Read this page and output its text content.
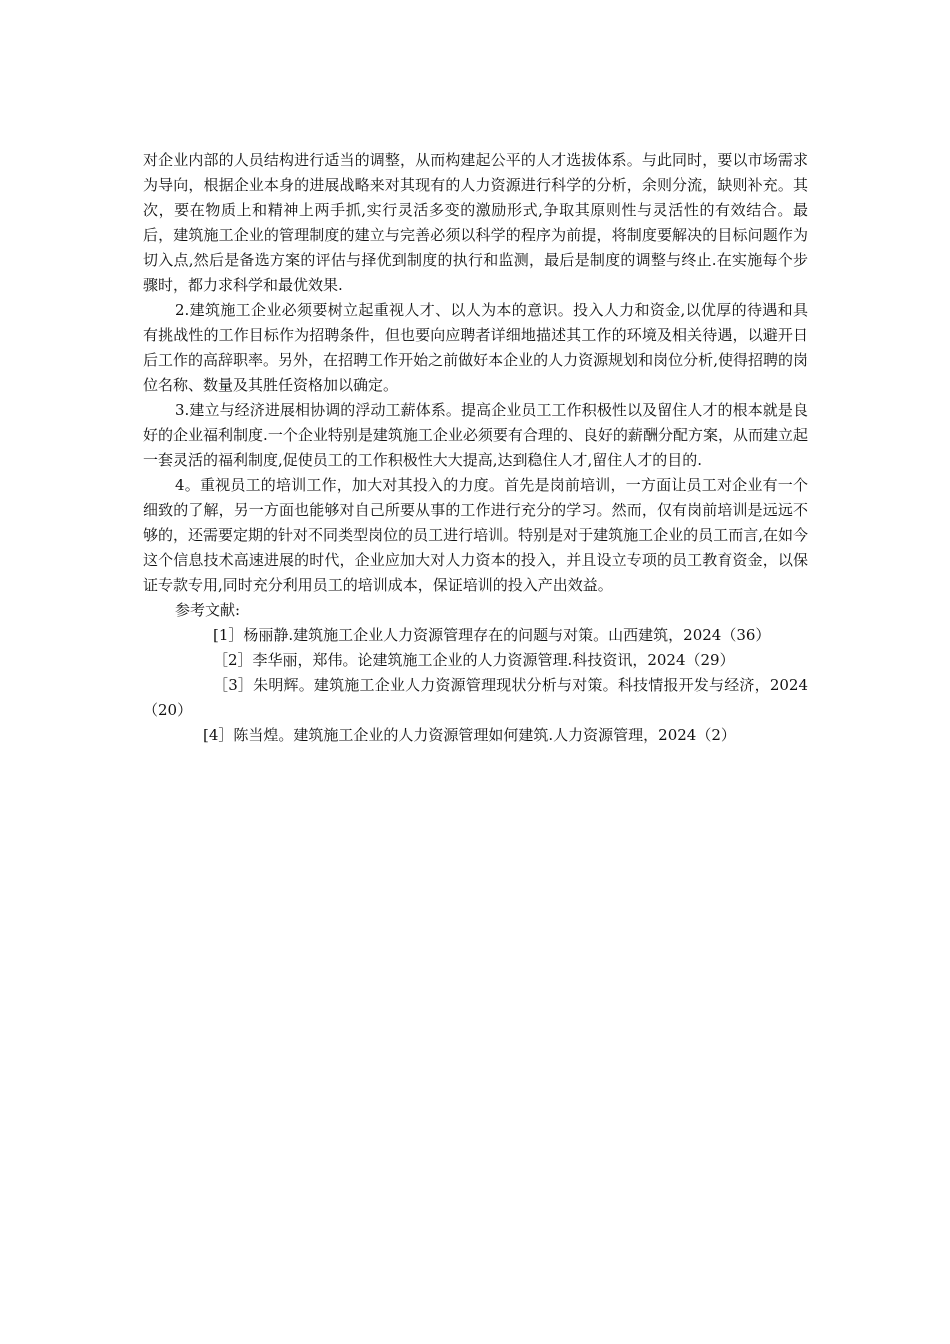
对企业内部的人员结构进行适当的调整，从而构建起公平的人才选拔体系。与此同时，要以市场需求为导向，根据企业本身的进展战略来对其现有的人力资源进行科学的分析，余则分流，缺则补充。其次，要在物质上和精神上两手抓,实行灵活多变的激励形式,争取其原则性与灵活性的有效结合。最后，建筑施工企业的管理制度的建立与完善必须以科学的程序为前提，将制度要解决的目标问题作为切入点,然后是备选方案的评估与择优到制度的执行和监测，最后是制度的调整与终止.在实施每个步骤时，都力求科学和最优效果.

2.建筑施工企业必须要树立起重视人才、以人为本的意识。投入人力和资金,以优厚的待遇和具有挑战性的工作目标作为招聘条件，但也要向应聘者详细地描述其工作的环境及相关待遇，以避开日后工作的高辞职率。另外，在招聘工作开始之前做好本企业的人力资源规划和岗位分析,使得招聘的岗位名称、数量及其胜任资格加以确定。

3.建立与经济进展相协调的浮动工薪体系。提高企业员工工作积极性以及留住人才的根本就是良好的企业福利制度.一个企业特别是建筑施工企业必须要有合理的、良好的薪酬分配方案，从而建立起一套灵活的福利制度,促使员工的工作积极性大大提高,达到稳住人才,留住人才的目的.

4。重视员工的培训工作，加大对其投入的力度。首先是岗前培训，一方面让员工对企业有一个细致的了解，另一方面也能够对自己所要从事的工作进行充分的学习。然而，仅有岗前培训是远远不够的，还需要定期的针对不同类型岗位的员工进行培训。特别是对于建筑施工企业的员工而言,在如今这个信息技术高速进展的时代，企业应加大对人力资本的投入，并且设立专项的员工教育资金，以保证专款专用,同时充分利用员工的培训成本，保证培训的投入产出效益。

参考文献:

[1］杨丽静.建筑施工企业人力资源管理存在的问题与对策。山西建筑，2024（36）

［2］李华丽，郑伟。论建筑施工企业的人力资源管理.科技资讯，2024（29）

［3］朱明辉。建筑施工企业人力资源管理现状分析与对策。科技情报开发与经济，2024（20）

[4］陈当煌。建筑施工企业的人力资源管理如何建筑.人力资源管理，2024（2）
